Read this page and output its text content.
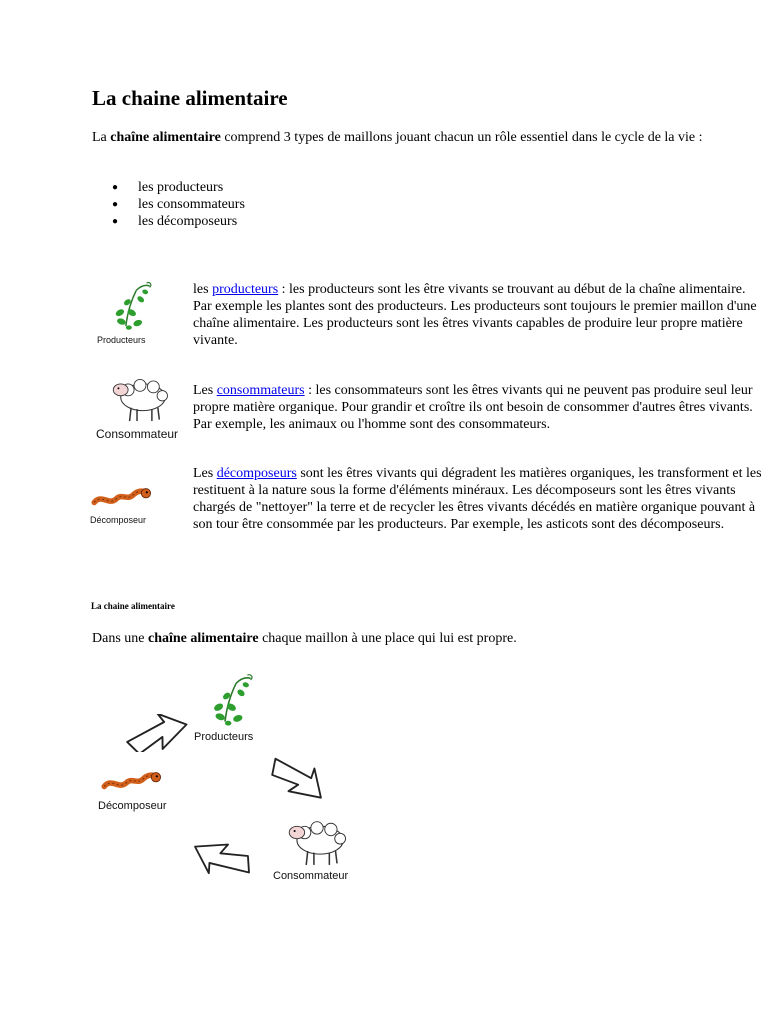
La chaine alimentaire
La chaîne alimentaire comprend 3 types de maillons jouant chacun un rôle essentiel dans le cycle de la vie :
● les producteurs
● les consommateurs
● les décomposeurs
Producteurs
les producteurs : les producteurs sont les être vivants se trouvant au début de la chaîne alimentaire. Par exemple les plantes sont des producteurs. Les producteurs sont toujours le premier maillon d'une chaîne alimentaire. Les producteurs sont les êtres vivants capables de produire leur propre matière vivante.
Consommateur
Les consommateurs : les consommateurs sont les êtres vivants qui ne peuvent pas produire seul leur propre matière organique. Pour grandir et croître ils ont besoin de consommer d'autres êtres vivants. Par exemple, les animaux ou l'homme sont des consommateurs.
Décomposeur
Les décomposeurs sont les êtres vivants qui dégradent les matières organiques, les transforment et les restituent à la nature sous la forme d'éléments minéraux. Les décomposeurs sont les êtres vivants chargés de "nettoyer" la terre et de recycler les êtres vivants décédés en matière organique pouvant à son tour être consommée par les producteurs. Par exemple, les asticots sont des décomposeurs.
La chaine alimentaire
Dans une chaîne alimentaire chaque maillon à une place qui lui est propre.
Producteurs
Décomposeur
Consommateur
